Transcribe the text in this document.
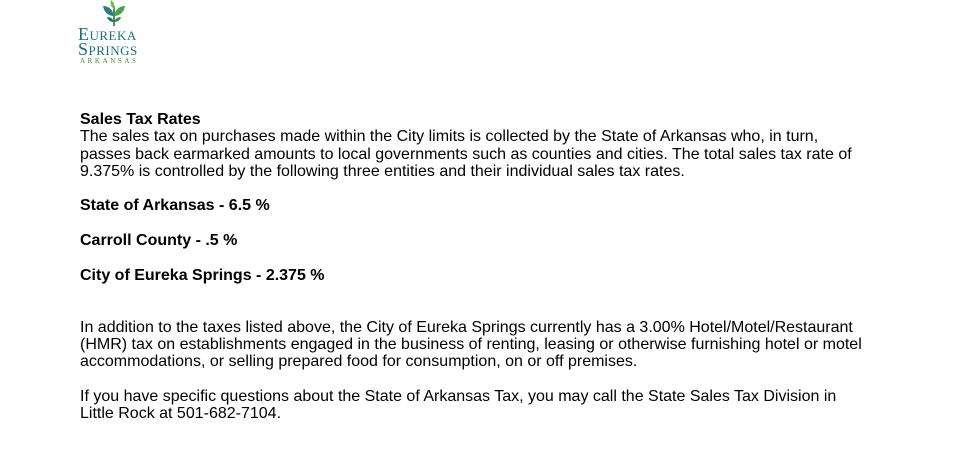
EUREKA
SPRINGS
ARKANSAS

Sales Tax Rates

The sales tax on purchases made within the City limits is collected by the State of Arkansas who, in turn, passes back earmarked amounts to local governments such as counties and cities. The total sales tax rate of 9.375% is controlled by the following three entities and their individual sales tax rates.

State of Arkansas - 6.5 %

Carroll County - .5 %

City of Eureka Springs - 2.375 %

In addition to the taxes listed above, the City of Eureka Springs currently has a 3.00% Hotel/Motel/Restaurant (HMR) tax on establishments engaged in the business of renting, leasing or otherwise furnishing hotel or motel accommodations, or selling prepared food for consumption, on or off premises.

If you have specific questions about the State of Arkansas Tax, you may call the State Sales Tax Division in Little Rock at 501-682-7104.
